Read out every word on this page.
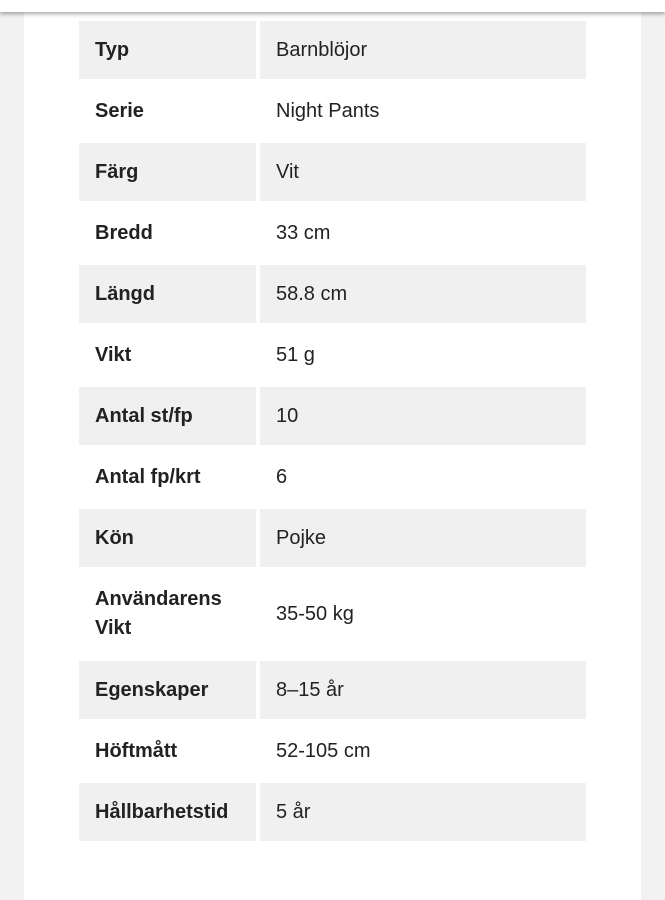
Typ	Barnblöjor
Serie	Night Pants
Färg	Vit
Bredd	33 cm
Längd	58.8 cm
Vikt	51 g
Antal st/fp	10
Antal fp/krt	6
Kön	Pojke
Användarens Vikt	35-50 kg
Egenskaper	8–15 år
Höftmått	52-105 cm
Hållbarhetstid	5 år
